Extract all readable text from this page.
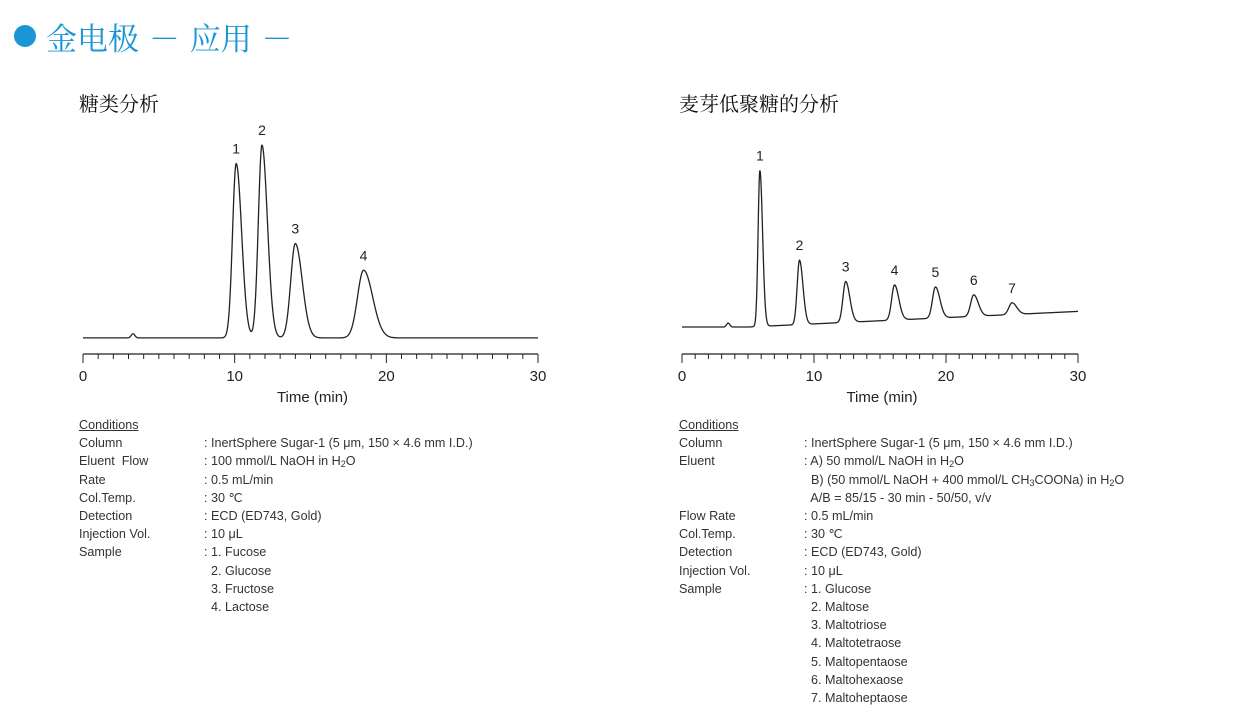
金电极 － 应用 －
糖类分析	麦芽低聚糖的分析
0	10	20	30
Time (min)
1
2
3
4
0	10	20	30
Time (min)
1
2
3	4 5 6 7
Conditions
Column	: InertSphere Sugar-1 (5 μm, 150 × 4.6 mm I.D.)
Eluent  Flow	: 100 mmol/L NaOH in $H_2O$
Rate	: 0.5 mL/min
Col.Temp.	: 30 ℃
Detection	: ECD (ED743, Gold)
Injection Vol.	: 10 μL
Sample	: 1. Fucose
2. Glucose
3. Fructose
4. Lactose
Conditions
Column	: InertSphere Sugar-1 (5 μm, 150 × 4.6 mm I.D.)
Eluent	: A) 50 mmol/L NaOH in $H_2O$
B) (50 mmol/L NaOH + 400 mmol/L $CH_3COONa$) in $H_2O$
A/B = 85/15 - 30 min - 50/50, v/v
Flow Rate	: 0.5 mL/min
Col.Temp.	: 30 ℃
Detection	: ECD (ED743, Gold)
Injection Vol.	: 10 μL
Sample	: 1. Glucose
2. Maltose
3. Maltotriose
4. Maltotetraose
5. Maltopentaose
6. Maltohexaose
7. Maltoheptaose
